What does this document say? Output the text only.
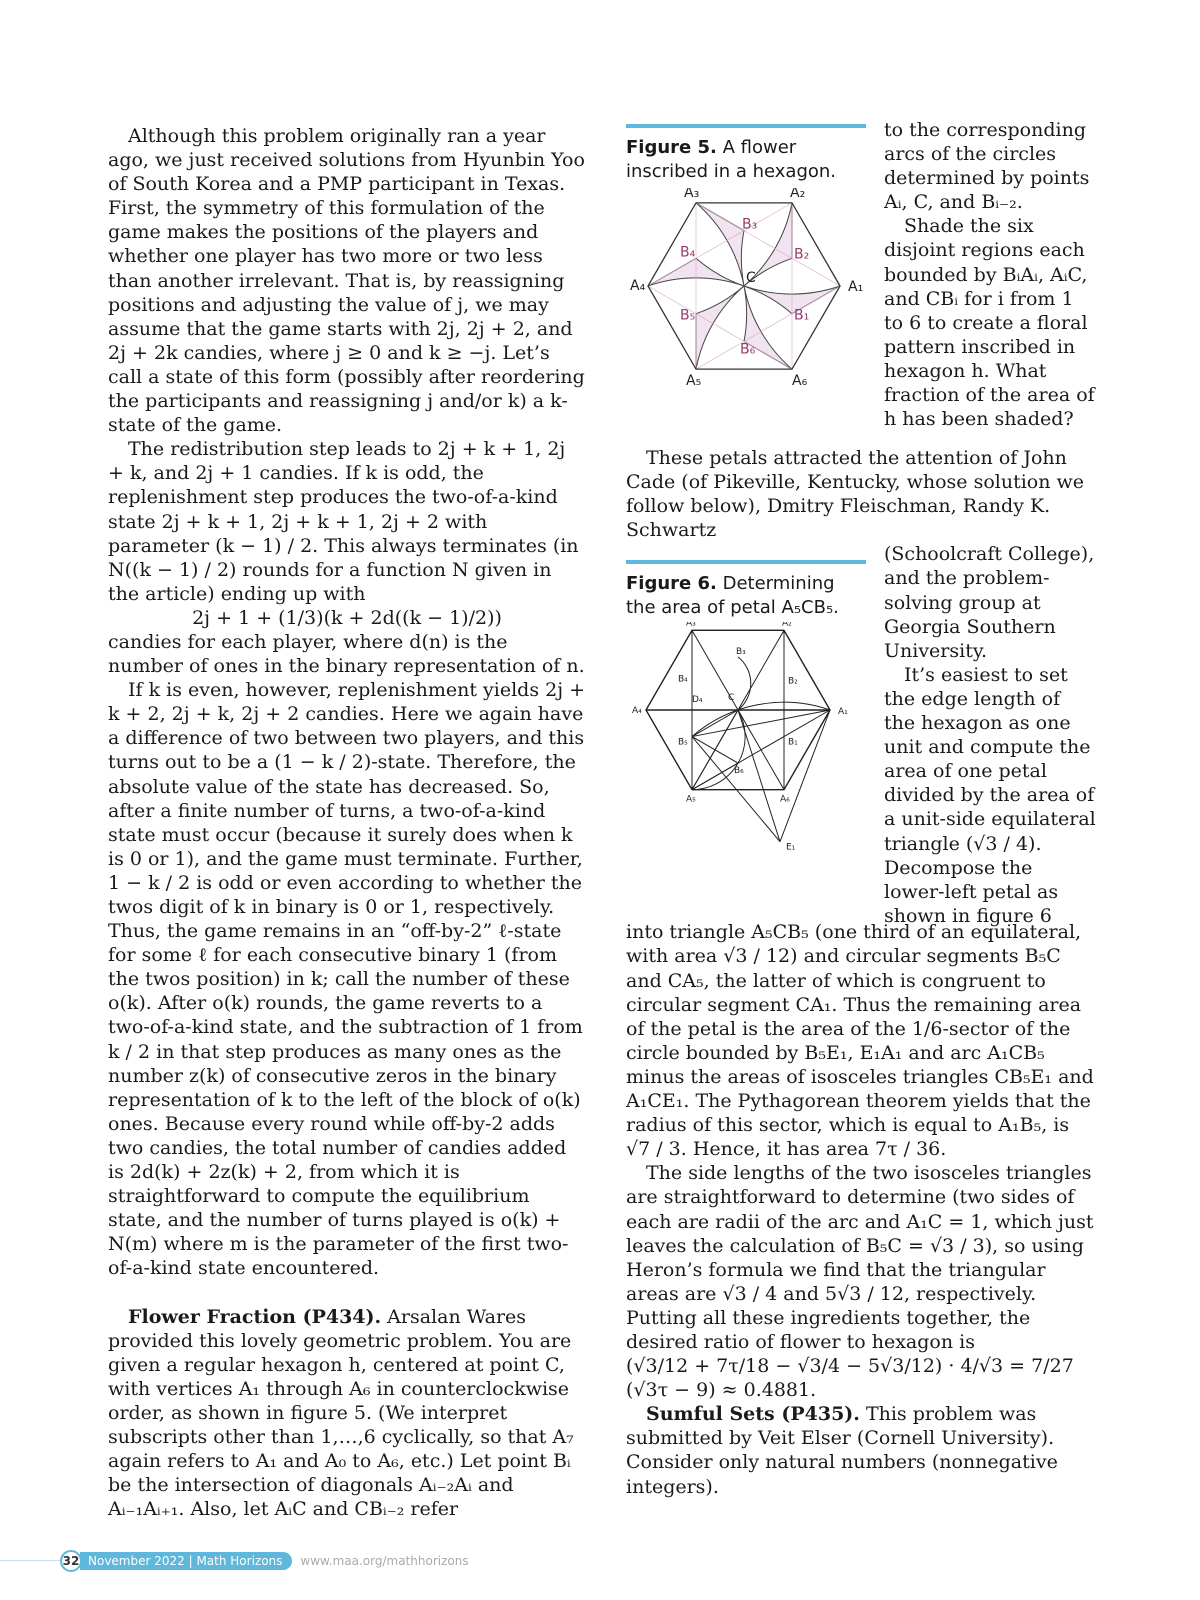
Although this problem originally ran a year ago, we just received solutions from Hyunbin Yoo of South Korea and a PMP participant in Texas. First, the symmetry of this formulation of the game makes the positions of the players and whether one player has two more or two less than another irrelevant. That is, by reassigning positions and adjusting the value of j, we may assume that the game starts with 2j, 2j + 2, and 2j + 2k candies, where j ≥ 0 and k ≥ −j. Let’s call a state of this form (possibly after reordering the participants and reassigning j and/or k) a k-state of the game.

The redistribution step leads to 2j + k + 1, 2j + k, and 2j + 1 candies. If k is odd, the replenishment step produces the two-of-a-kind state 2j + k + 1, 2j + k + 1, 2j + 2 with parameter (k − 1) / 2. This always terminates (in N((k − 1) / 2) rounds for a function N given in the article) ending up with

2j + 1 + (1/3)(k + 2d((k − 1)/2))

candies for each player, where d(n) is the number of ones in the binary representation of n.

If k is even, however, replenishment yields 2j + k + 2, 2j + k, 2j + 2 candies. Here we again have a difference of two between two players, and this turns out to be a (1 − k / 2)-state. Therefore, the absolute value of the state has decreased. So, after a finite number of turns, a two-of-a-kind state must occur (because it surely does when k is 0 or 1), and the game must terminate. Further, 1 − k / 2 is odd or even according to whether the twos digit of k in binary is 0 or 1, respectively. Thus, the game remains in an “off-by-2” ℓ-state for some ℓ for each consecutive binary 1 (from the twos position) in k; call the number of these o(k). After o(k) rounds, the game reverts to a two-of-a-kind state, and the subtraction of 1 from k / 2 in that step produces as many ones as the number z(k) of consecutive zeros in the binary representation of k to the left of the block of o(k) ones. Because every round while off-by-2 adds two candies, the total number of candies added is 2d(k) + 2z(k) + 2, from which it is straightforward to compute the equilibrium state, and the number of turns played is o(k) + N(m) where m is the parameter of the first two-of-a-kind state encountered.

Flower Fraction (P434). Arsalan Wares provided this lovely geometric problem. You are given a regular hexagon h, centered at point C, with vertices A₁ through A₆ in counterclockwise order, as shown in figure 5. (We interpret subscripts other than 1,…,6 cyclically, so that A₇ again refers to A₁ and A₀ to A₆, etc.) Let point Bᵢ be the intersection of diagonals Aᵢ₋₂Aᵢ and Aᵢ₋₁Aᵢ₊₁. Also, let AᵢC and CBᵢ₋₂ refer

Figure 5. A flower inscribed in a hexagon.
A₁
A₂
A₃
A₄
A₅	A₆
B₁
B₂
B₃
B₄
B₅
B₆
C

to the corresponding arcs of the circles determined by points Aᵢ, C, and Bᵢ₋₂.

Shade the six disjoint regions each bounded by BᵢAᵢ, AᵢC, and CBᵢ for i from 1 to 6 to create a floral pattern inscribed in hexagon h. What fraction of the area of h has been shaded?

These petals attracted the attention of John Cade (of Pikeville, Kentucky, whose solution we follow below), Dmitry Fleischman, Randy K. Schwartz

Figure 6. Determining the area of petal A₅CB₅.
A₁
A₂
A₃
A₄
A₅	A₆
B₁
B₂
B₃
B₄
B₅
B₆
C
D₄
E₁

(Schoolcraft College), and the problem-solving group at Georgia Southern University.

It’s easiest to set the edge length of the hexagon as one unit and compute the area of one petal divided by the area of a unit-side equilateral triangle (√3 / 4). Decompose the lower-left petal as shown in figure 6

into triangle A₅CB₅ (one third of an equilateral, with area √3 / 12) and circular segments B₅C and CA₅, the latter of which is congruent to circular segment CA₁. Thus the remaining area of the petal is the area of the 1/6-sector of the circle bounded by B₅E₁, E₁A₁ and arc A₁CB₅ minus the areas of isosceles triangles CB₅E₁ and A₁CE₁. The Pythagorean theorem yields that the radius of this sector, which is equal to A₁B₅, is √7 / 3. Hence, it has area 7τ / 36.

The side lengths of the two isosceles triangles are straightforward to determine (two sides of each are radii of the arc and A₁C = 1, which just leaves the calculation of B₅C = √3 / 3), so using Heron’s formula we find that the triangular areas are √3 / 4 and 5√3 / 12, respectively. Putting all these ingredients together, the desired ratio of flower to hexagon is

(√3/12 + 7τ/18 − √3/4 − 5√3/12) · 4/√3 = 7/27 (√3τ − 9) ≈ 0.4881.

Sumful Sets (P435). This problem was submitted by Veit Elser (Cornell University). Consider only natural numbers (nonnegative integers).

32 November 2022 | Math Horizons	www.maa.org/mathhorizons
